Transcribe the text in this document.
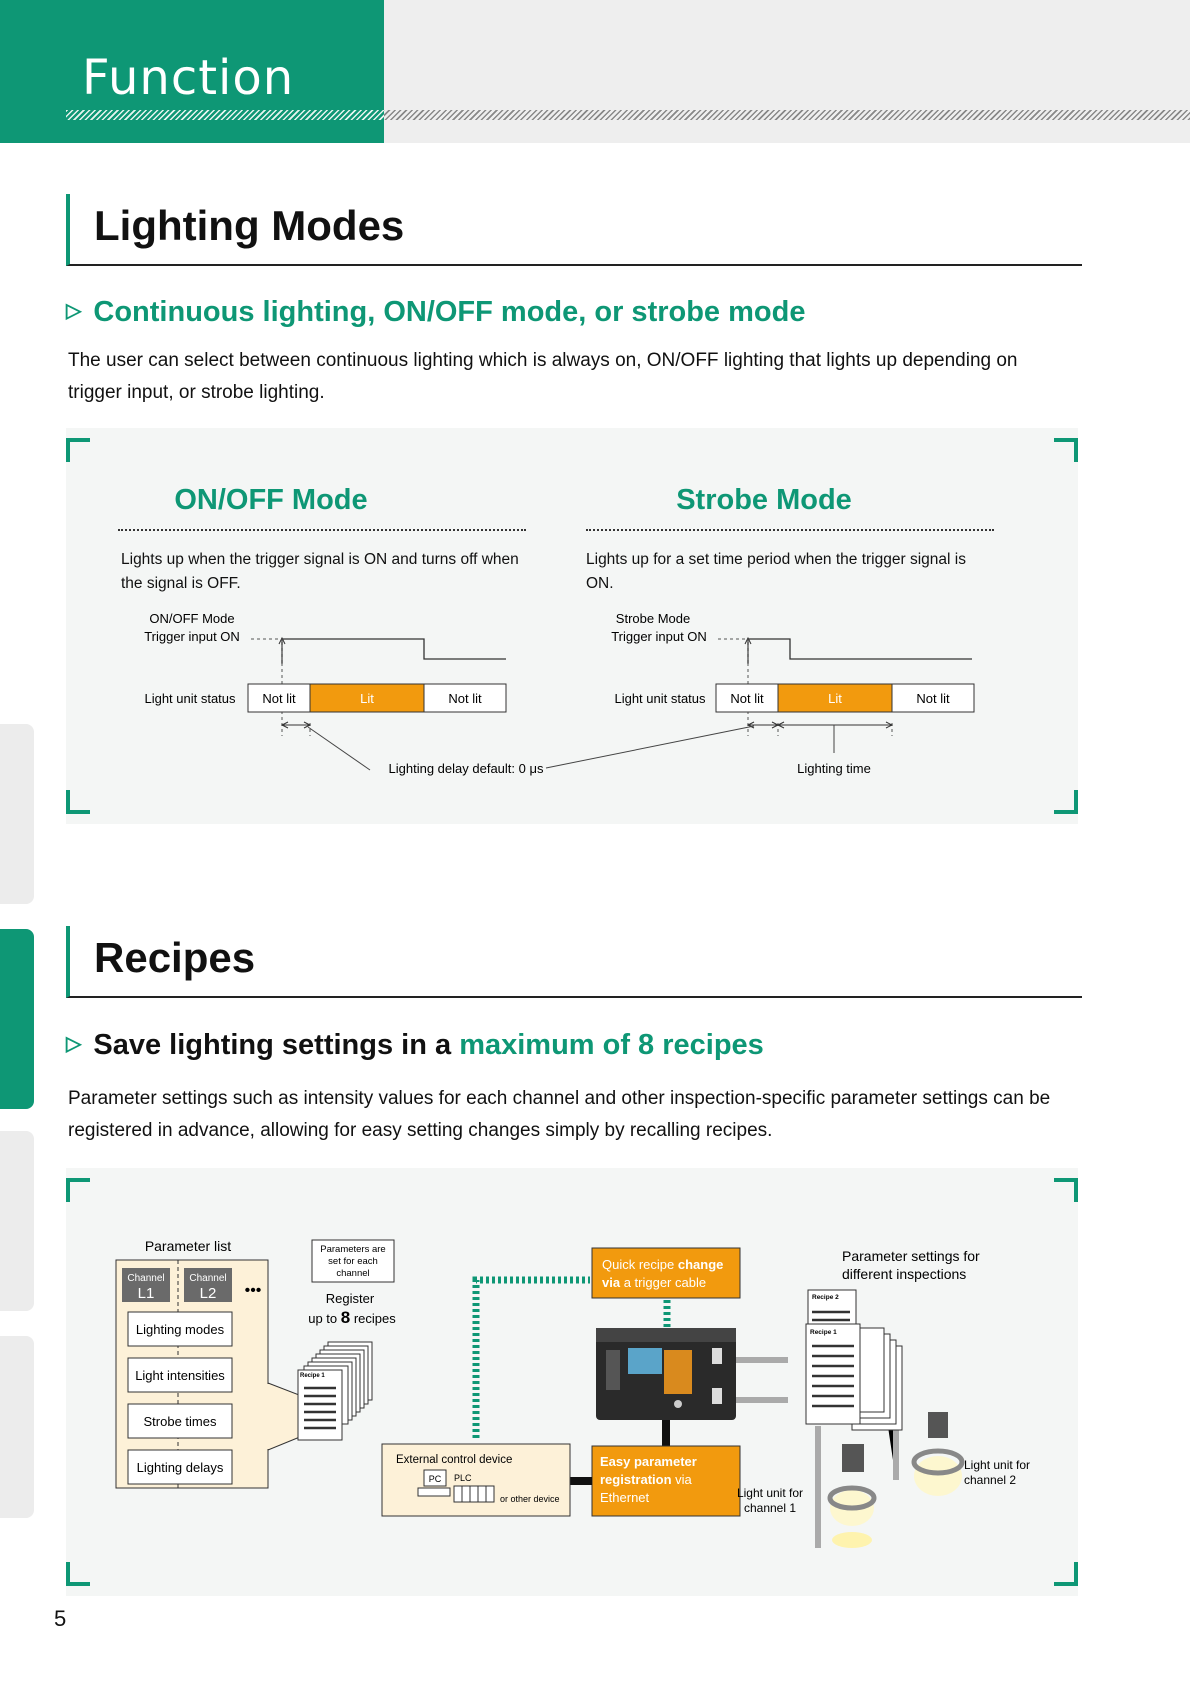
Function
Lighting Modes
▷ Continuous lighting, ON/OFF mode, or strobe mode
The user can select between continuous lighting which is always on, ON/OFF lighting that lights up depending on trigger input, or strobe lighting.
ON/OFF Mode
Lights up when the trigger signal is ON and turns off when the signal is OFF.
Strobe Mode
Lights up for a set time period when the trigger signal is ON.
ON/OFF Mode
Trigger input ON
Light unit status Not lit	Lit	Not lit
Strobe Mode
Trigger input ON
Light unit status Not lit	Lit	Not lit
Lighting delay default: 0 μs	Lighting time
Recipes
▷ Save lighting settings in a maximum of 8 recipes
Parameter settings such as intensity values for each channel and other inspection-specific parameter settings can be registered in advance, allowing for easy setting changes simply by recalling recipes.
Parameter list
Channel
L1
Channel
L2 •••
Lighting modes
Light intensities
Strobe times
Lighting delays
Parameters are
set for each
channel
Register
up to 8 recipes
Recipe 1
Quick recipe change
via a trigger cable
Easy parameter
registration via
Ethernet
External control device
PC PLC
or other device
Parameter settings for
different inspections
Recipe 2
Recipe 1
Light unit for
channel 1
Light unit for
channel 2
5
